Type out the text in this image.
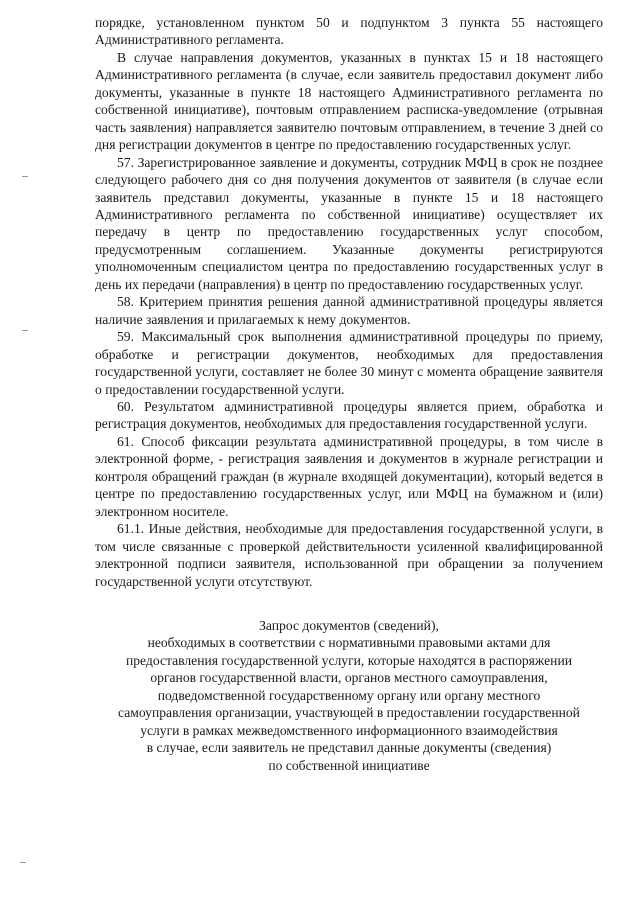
порядке, установленном пунктом 50 и подпунктом 3 пункта 55 настоящего Административного регламента.

В случае направления документов, указанных в пунктах 15 и 18 настоящего Административного регламента (в случае, если заявитель предоставил документ либо документы, указанные в пункте 18 настоящего Административного регламента по собственной инициативе), почтовым отправлением расписка-уведомление (отрывная часть заявления) направляется заявителю почтовым отправлением, в течение 3 дней со дня регистрации документов в центре по предоставлению государственных услуг.

57. Зарегистрированное заявление и документы, сотрудник МФЦ в срок не позднее следующего рабочего дня со дня получения документов от заявителя (в случае если заявитель представил документы, указанные в пункте 15 и 18 настоящего Административного регламента по собственной инициативе) осуществляет их передачу в центр по предоставлению государственных услуг способом, предусмотренным соглашением. Указанные документы регистрируются уполномоченным специалистом центра по предоставлению государственных услуг в день их передачи (направления) в центр по предоставлению государственных услуг.

58. Критерием принятия решения данной административной процедуры является наличие заявления и прилагаемых к нему документов.

59. Максимальный срок выполнения административной процедуры по приему, обработке и регистрации документов, необходимых для предоставления государственной услуги, составляет не более 30 минут с момента обращение заявителя о предоставлении государственной услуги.

60. Результатом административной процедуры является прием, обработка и регистрация документов, необходимых для предоставления государственной услуги.

61. Способ фиксации результата административной процедуры, в том числе в электронной форме, - регистрация заявления и документов в журнале регистрации и контроля обращений граждан (в журнале входящей документации), который ведется в центре по предоставлению государственных услуг, или МФЦ на бумажном и (или) электронном носителе.

61.1. Иные действия, необходимые для предоставления государственной услуги, в том числе связанные с проверкой действительности усиленной квалифицированной электронной подписи заявителя, использованной при обращении за получением государственной услуги отсутствуют.

Запрос документов (сведений),
необходимых в соответствии с нормативными правовыми актами для
предоставления государственной услуги, которые находятся в распоряжении
органов государственной власти, органов местного самоуправления,
подведомственной государственному органу или органу местного
самоуправления организации, участвующей в предоставлении государственной
услуги в рамках межведомственного информационного взаимодействия
в случае, если заявитель не представил данные документы (сведения)
по собственной инициативе
